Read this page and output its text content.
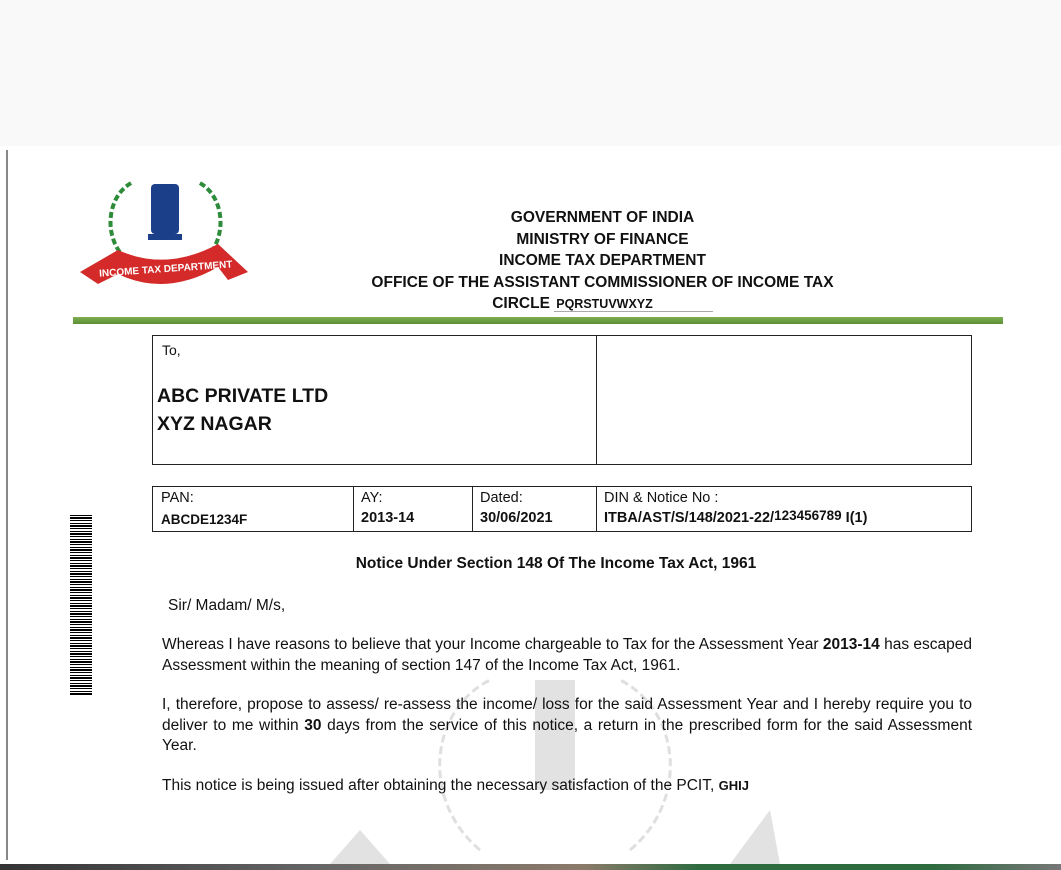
INCOME TAX DEPARTMENT
GOVERNMENT OF INDIA
MINISTRY OF FINANCE
INCOME TAX DEPARTMENT
OFFICE OF THE ASSISTANT COMMISSIONER OF INCOME TAX
CIRCLE PQRSTUVWXYZ
To,
ABC PRIVATE LTD
XYZ NAGAR
PAN:
ABCDE1234F
AY:
2013-14
Dated:
30/06/2021
DIN & Notice No :
ITBA/AST/S/148/2021-22/123456789 I(1)
Notice Under Section 148 Of The Income Tax Act, 1961
Sir/ Madam/ M/s,
Whereas I have reasons to believe that your Income chargeable to Tax for the Assessment Year 2013-14 has escaped Assessment within the meaning of section 147 of the Income Tax Act, 1961.
I, therefore, propose to assess/ re-assess the income/ loss for the said Assessment Year and I hereby require you to deliver to me within 30 days from the service of this notice, a return in the prescribed form for the said Assessment Year.
This notice is being issued after obtaining the necessary satisfaction of the PCIT, GHIJ
